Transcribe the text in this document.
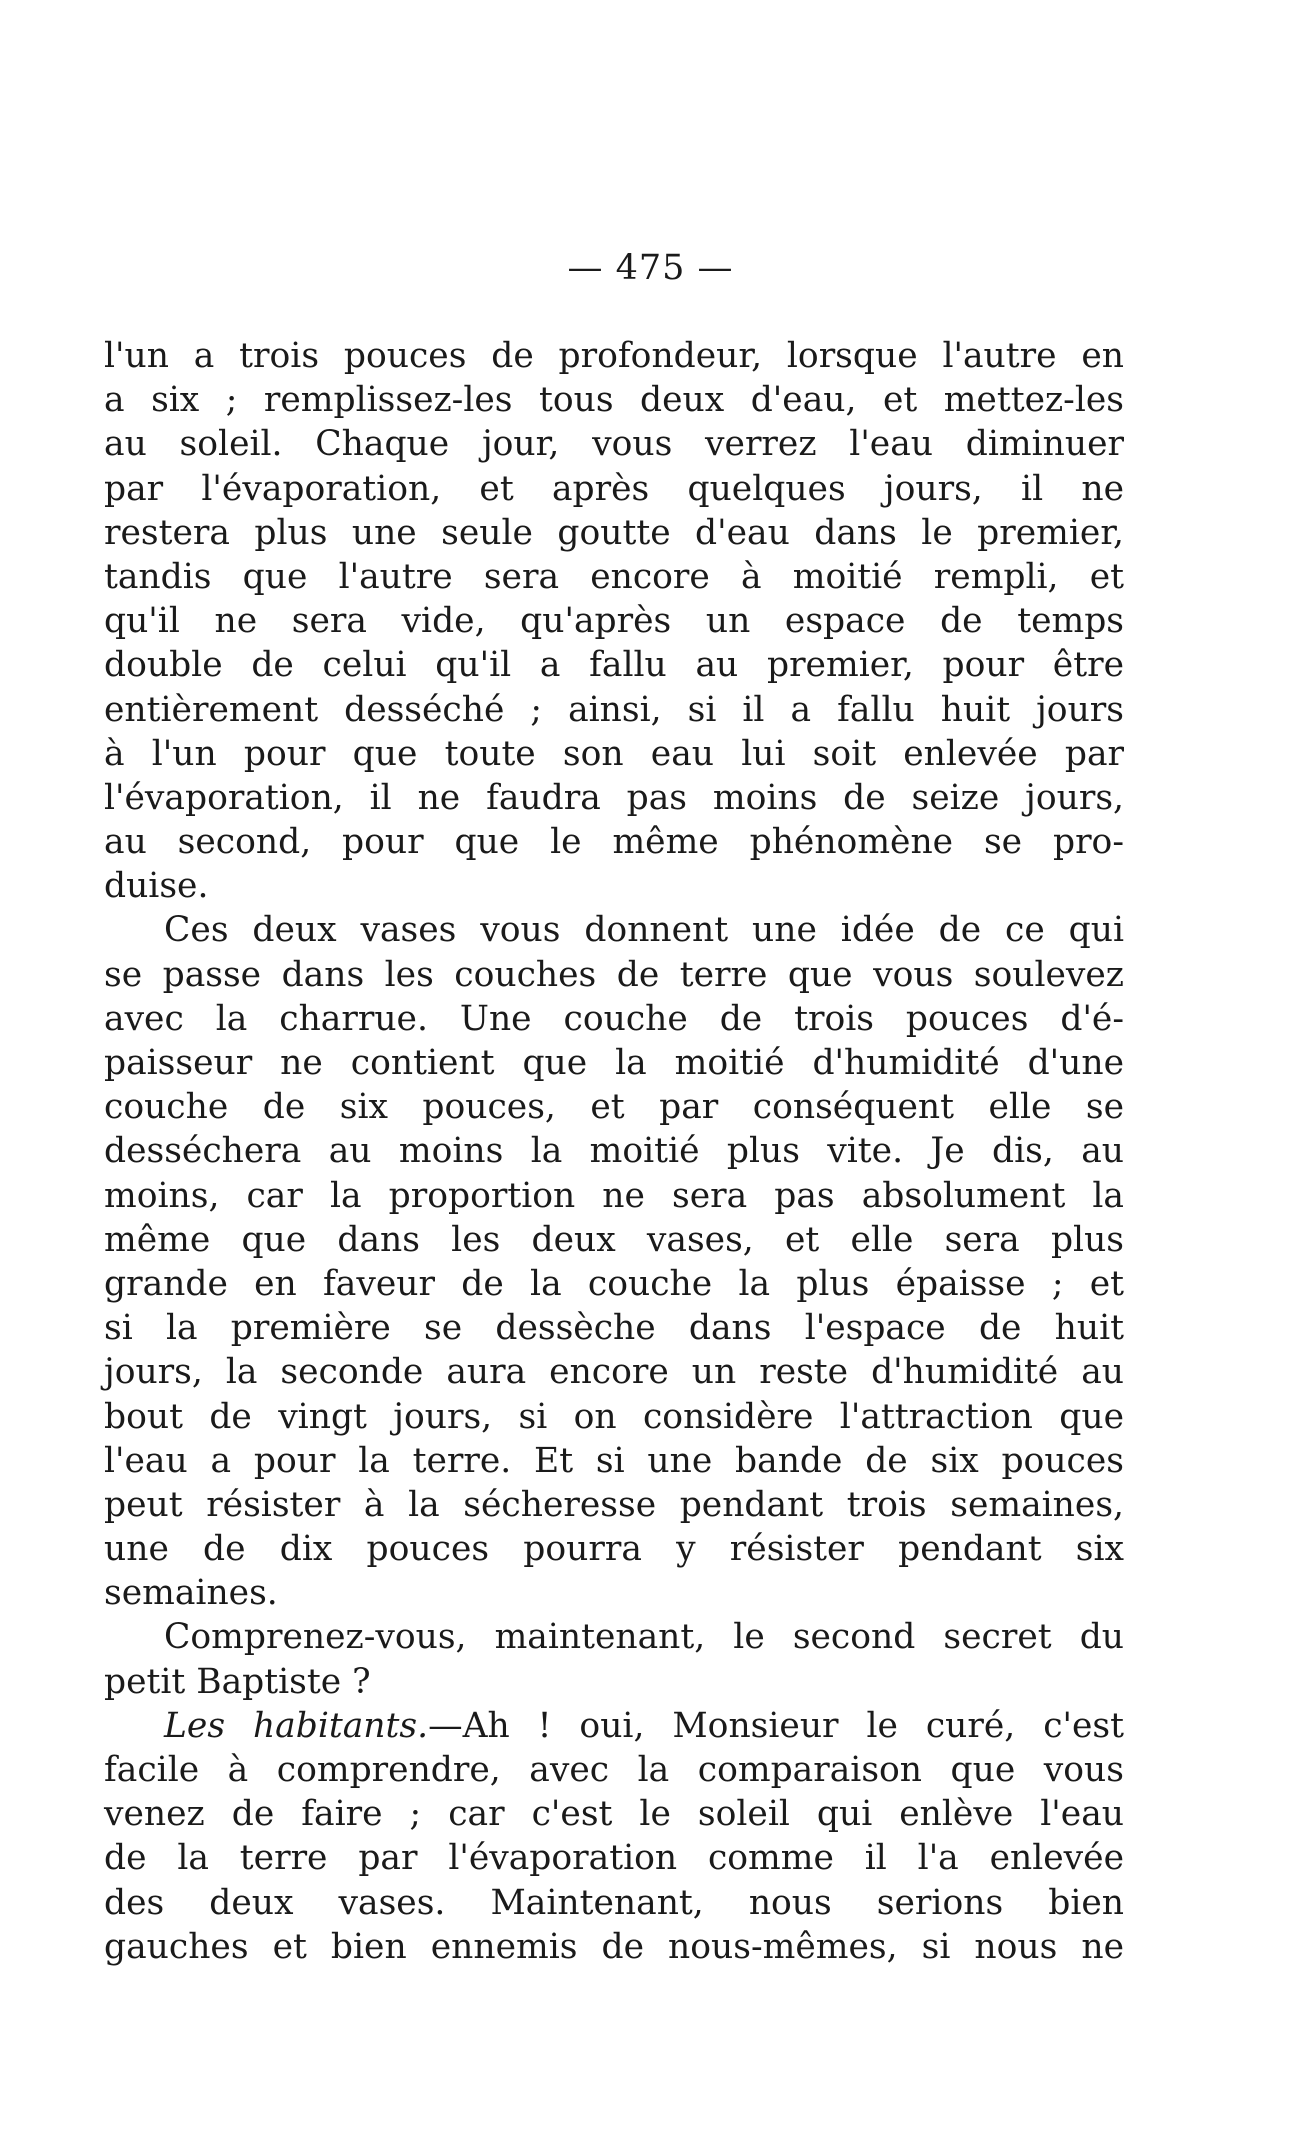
— 475 —
l'un a trois pouces de profondeur, lorsque l'autre en
a six ; remplissez-les tous deux d'eau, et mettez-les
au soleil. Chaque jour, vous verrez l'eau diminuer
par l'évaporation, et après quelques jours, il ne
restera plus une seule goutte d'eau dans le premier,
tandis que l'autre sera encore à moitié rempli, et
qu'il ne sera vide, qu'après un espace de temps
double de celui qu'il a fallu au premier, pour être
entièrement desséché ; ainsi, si il a fallu huit jours
à l'un pour que toute son eau lui soit enlevée par
l'évaporation, il ne faudra pas moins de seize jours,
au second, pour que le même phénomène se pro-
duise.
Ces deux vases vous donnent une idée de ce qui
se passe dans les couches de terre que vous soulevez
avec la charrue. Une couche de trois pouces d'é-
paisseur ne contient que la moitié d'humidité d'une
couche de six pouces, et par conséquent elle se
desséchera au moins la moitié plus vite. Je dis, au
moins, car la proportion ne sera pas absolument la
même que dans les deux vases, et elle sera plus
grande en faveur de la couche la plus épaisse ; et
si la première se dessèche dans l'espace de huit
jours, la seconde aura encore un reste d'humidité au
bout de vingt jours, si on considère l'attraction que
l'eau a pour la terre. Et si une bande de six pouces
peut résister à la sécheresse pendant trois semaines,
une de dix pouces pourra y résister pendant six
semaines.
Comprenez-vous, maintenant, le second secret du
petit Baptiste ?
Les habitants.—Ah ! oui, Monsieur le curé, c'est
facile à comprendre, avec la comparaison que vous
venez de faire ; car c'est le soleil qui enlève l'eau
de la terre par l'évaporation comme il l'a enlevée
des deux vases. Maintenant, nous serions bien
gauches et bien ennemis de nous-mêmes, si nous ne
